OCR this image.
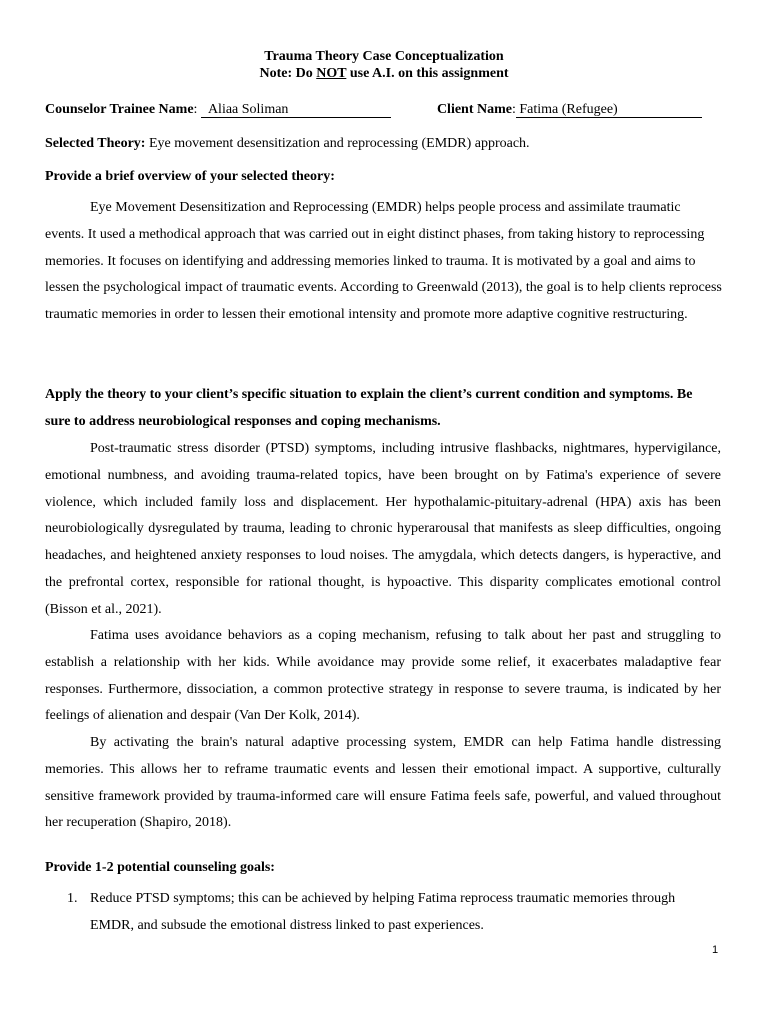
Trauma Theory Case Conceptualization
Note: Do NOT use A.I. on this assignment
Counselor Trainee Name:   Aliaa Soliman	Client Name: Fatima (Refugee)
Selected Theory: Eye movement desensitization and reprocessing (EMDR) approach.
Provide a brief overview of your selected theory:
Eye Movement Desensitization and Reprocessing (EMDR) helps people process and assimilate traumatic events. It used a methodical approach that was carried out in eight distinct phases, from taking history to reprocessing memories. It focuses on identifying and addressing memories linked to trauma. It is motivated by a goal and aims to lessen the psychological impact of traumatic events. According to Greenwald (2013), the goal is to help clients reprocess traumatic memories in order to lessen their emotional intensity and promote more adaptive cognitive restructuring.
Apply the theory to your client’s specific situation to explain the client’s current condition and symptoms. Be sure to address neurobiological responses and coping mechanisms.
Post-traumatic stress disorder (PTSD) symptoms, including intrusive flashbacks, nightmares, hypervigilance, emotional numbness, and avoiding trauma-related topics, have been brought on by Fatima's experience of severe violence, which included family loss and displacement. Her hypothalamic-pituitary-adrenal (HPA) axis has been neurobiologically dysregulated by trauma, leading to chronic hyperarousal that manifests as sleep difficulties, ongoing headaches, and heightened anxiety responses to loud noises. The amygdala, which detects dangers, is hyperactive, and the prefrontal cortex, responsible for rational thought, is hypoactive. This disparity complicates emotional control (Bisson et al., 2021).
Fatima uses avoidance behaviors as a coping mechanism, refusing to talk about her past and struggling to establish a relationship with her kids. While avoidance may provide some relief, it exacerbates maladaptive fear responses. Furthermore, dissociation, a common protective strategy in response to severe trauma, is indicated by her feelings of alienation and despair (Van Der Kolk, 2014).
By activating the brain's natural adaptive processing system, EMDR can help Fatima handle distressing memories. This allows her to reframe traumatic events and lessen their emotional impact. A supportive, culturally sensitive framework provided by trauma-informed care will ensure Fatima feels safe, powerful, and valued throughout her recuperation (Shapiro, 2018).
Provide 1-2 potential counseling goals:
1. Reduce PTSD symptoms; this can be achieved by helping Fatima reprocess traumatic memories through EMDR, and subsude the emotional distress linked to past experiences.
1
